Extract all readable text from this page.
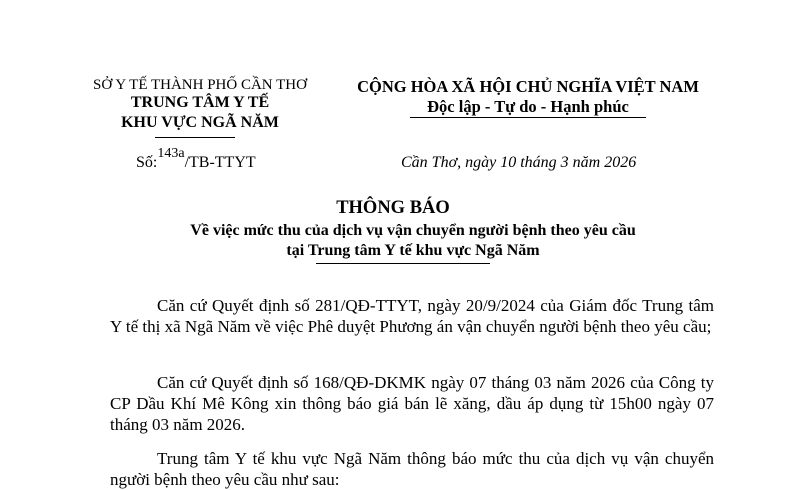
SỞ Y TẾ THÀNH PHỐ CẦN THƠ
TRUNG TÂM Y TẾ
KHU VỰC NGÃ NĂM
CỘNG HÒA XÃ HỘI CHỦ NGHĨA VIỆT NAM
Độc lập - Tự do - Hạnh phúc
Số:143a/TB-TTYT	Cần Thơ, ngày 10 tháng 3 năm 2026
THÔNG BÁO
Về việc mức thu của dịch vụ vận chuyển người bệnh theo yêu cầu
tại Trung tâm Y tế khu vực Ngã Năm
Căn cứ Quyết định số 281/QĐ-TTYT, ngày 20/9/2024 của Giám đốc Trung tâm Y tế thị xã Ngã Năm về việc Phê duyệt Phương án vận chuyển người bệnh theo yêu cầu;
Căn cứ Quyết định số 168/QĐ-DKMK ngày 07 tháng 03 năm 2026 của Công ty CP Dầu Khí Mê Kông xin thông báo giá bán lẽ xăng, dầu áp dụng từ 15h00 ngày 07 tháng 03 năm 2026.
Trung tâm Y tế khu vực Ngã Năm thông báo mức thu của dịch vụ vận chuyển người bệnh theo yêu cầu như sau:
